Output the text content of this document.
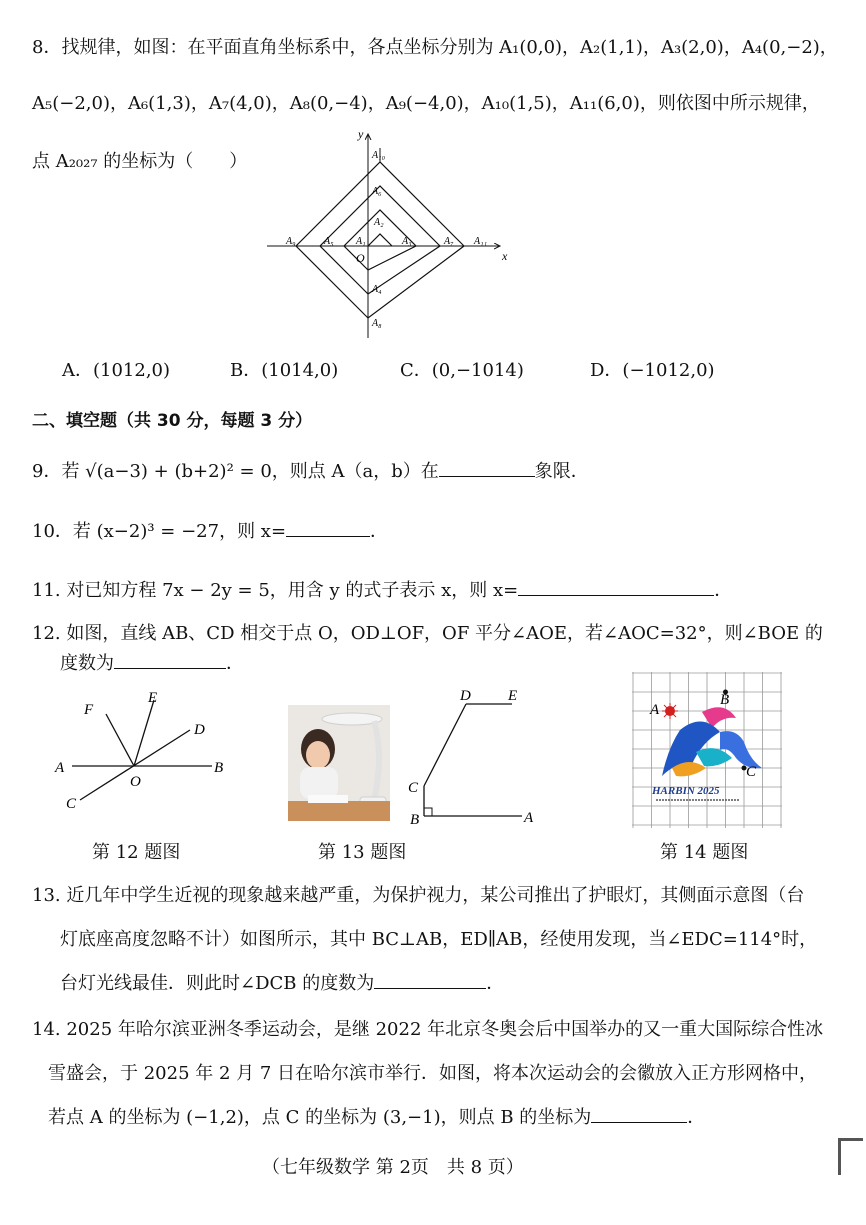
8．找规律，如图：在平面直角坐标系中，各点坐标分别为 A₁(0,0)，A₂(1,1)，A₃(2,0)，A₄(0,−2)，
A₅(−2,0)，A₆(1,3)，A₇(4,0)，A₈(0,−4)，A₉(−4,0)，A₁₀(1,5)，A₁₁(6,0)，则依图中所示规律，
点 A₂₀₂₇ 的坐标为（　　）
y
x
O
A₁₀
A₆
A₂
A₁	A₃
A₅
A₉	A₇ A₁₁
A₄
A₈
A．(1012,0)	B．(1014,0)	C．(0,−1014)	D．(−1012,0)
二、填空题（共 30 分，每题 3 分）
9．若 √(a−3) + (b+2)² = 0，则点 A（a，b）在	象限．
10．若 (x−2)³ = −27，则 x=	．
11. 对已知方程 7x − 2y = 5，用含 y 的式子表示 x，则 x=	．
12. 如图，直线 AB、CD 相交于点 O，OD⊥OF，OF 平分∠AOE，若∠AOC=32°，则∠BOE 的
度数为	．
F
E
D
A
O
B
C
第 12 题图
D E
C
B	A
第 13 题图
HARBIN 2025
A
B
C
第 14 题图
13. 近几年中学生近视的现象越来越严重，为保护视力，某公司推出了护眼灯，其侧面示意图（台
灯底座高度忽略不计）如图所示，其中 BC⊥AB，ED∥AB，经使用发现，当∠EDC=114°时，
台灯光线最佳．则此时∠DCB 的度数为	．
14. 2025 年哈尔滨亚洲冬季运动会，是继 2022 年北京冬奥会后中国举办的又一重大国际综合性冰
雪盛会，于 2025 年 2 月 7 日在哈尔滨市举行．如图，将本次运动会的会徽放入正方形网格中，
若点 A 的坐标为 (−1,2)，点 C 的坐标为 (3,−1)，则点 B 的坐标为	．
（七年级数学 第 2页　共 8 页）
